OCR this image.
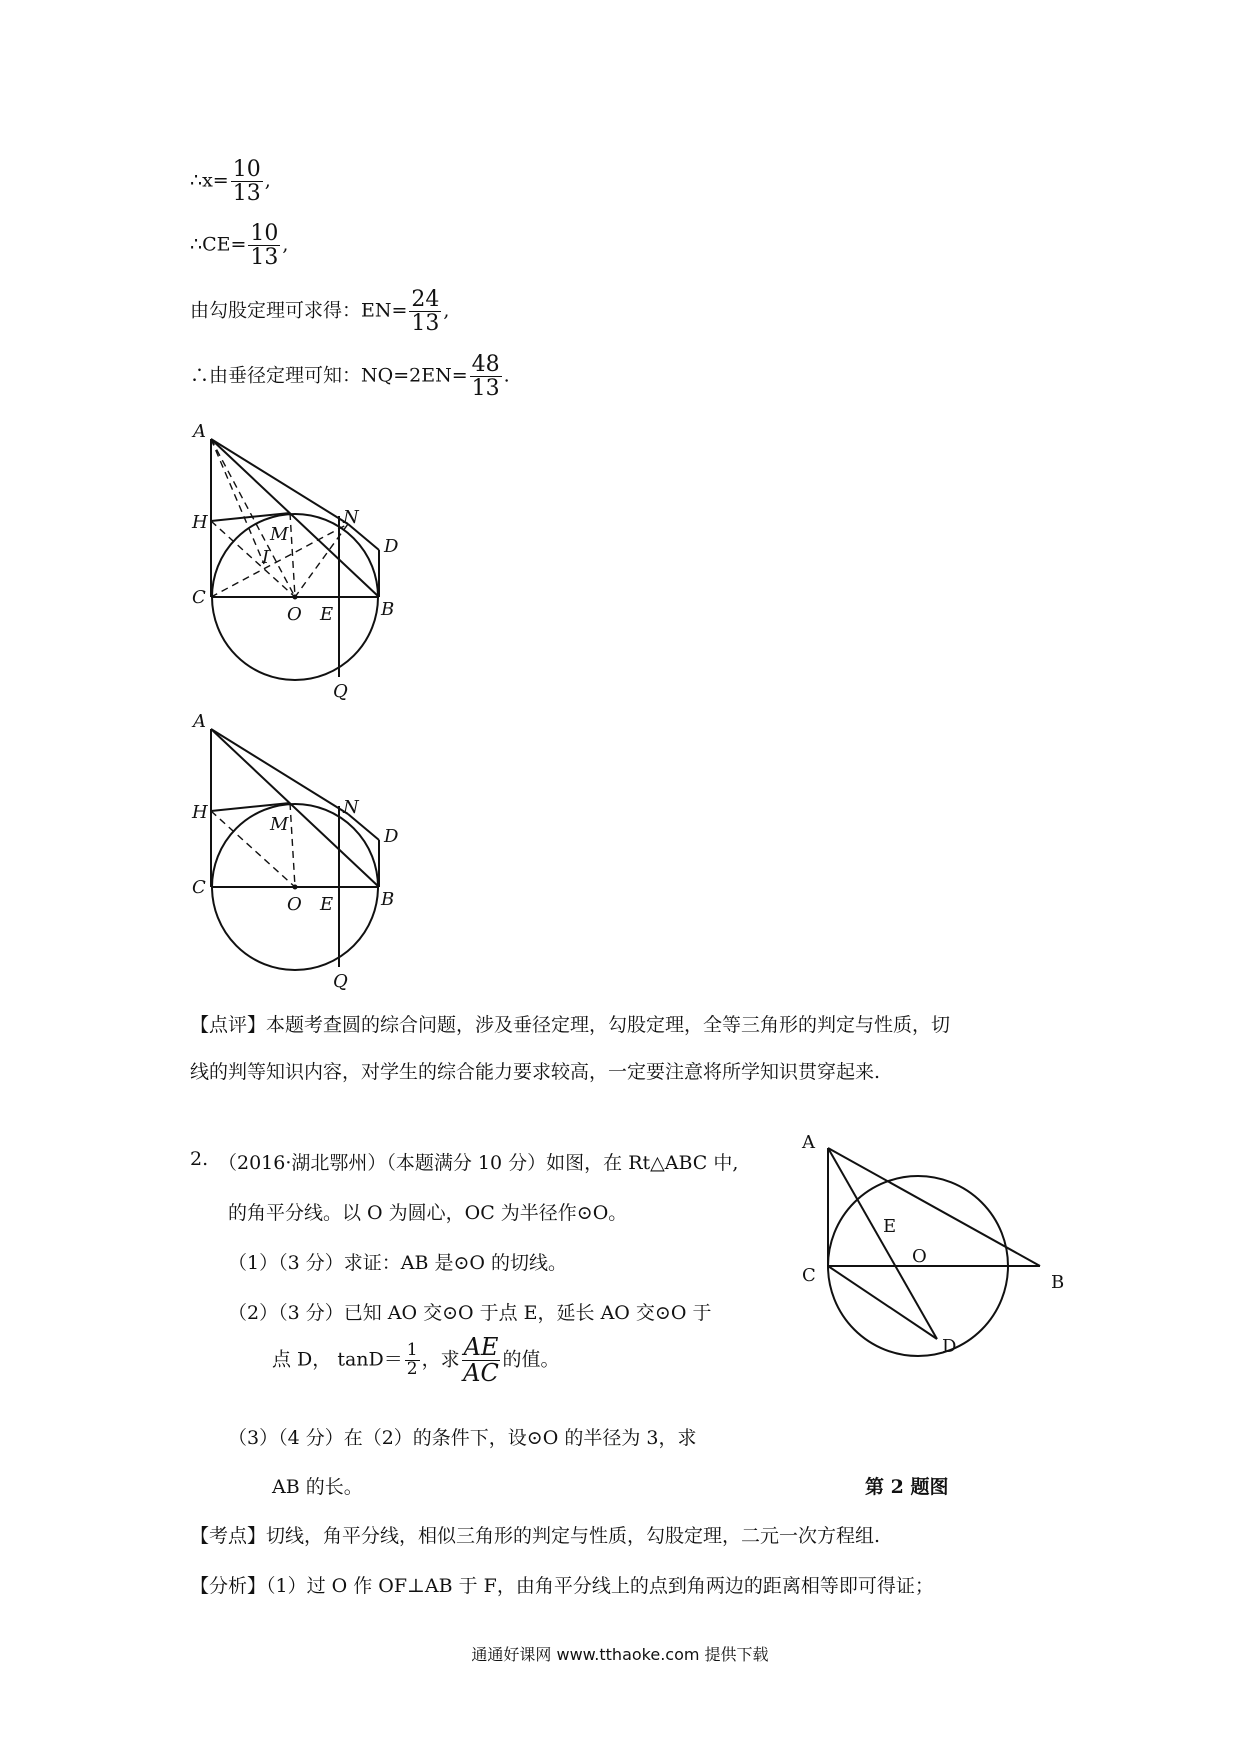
∴x= $\frac{10}{13}$ ,
∴CE= $\frac{10}{13}$ ,
由勾股定理可求得：$EN= \frac{24}{13}$ ,
∴由垂径定理可知：$NQ=2EN= \frac{48}{13}$ .
A
H
C
O E	B
N
D
M
I
Q
A
H
C
O E	B
N
D
M
Q
【点评】本题考查圆的综合问题，涉及垂径定理，勾股定理，全等三角形的判定与性质，切
线的判等知识内容，对学生的综合能力要求较高，一定要注意将所学知识贯穿起来.
2. （2016·湖北鄂州）（本题满分 10 分）如图，在 Rt△ABC 中,
的角平分线。以 O 为圆心，OC 为半径作⊙O。
（1）（3 分）求证：AB 是⊙O 的切线。
（2）（3 分）已知 AO 交⊙O 于点 E，延长 AO 交⊙O 于
点 D， $\tan D= \frac{1}{2}$ ，求 $\frac{AE}{AC}$ 的值。
（3）（4 分）在（2）的条件下，设⊙O 的半径为 3，求
AB 的长。	第 2 题图
A
E
O
C	B
D
【考点】切线，角平分线，相似三角形的判定与性质，勾股定理，二元一次方程组.
【分析】（1）过 O 作 OF⊥AB 于 F，由角平分线上的点到角两边的距离相等即可得证；
通通好课网 www.tthaoke.com 提供下载
